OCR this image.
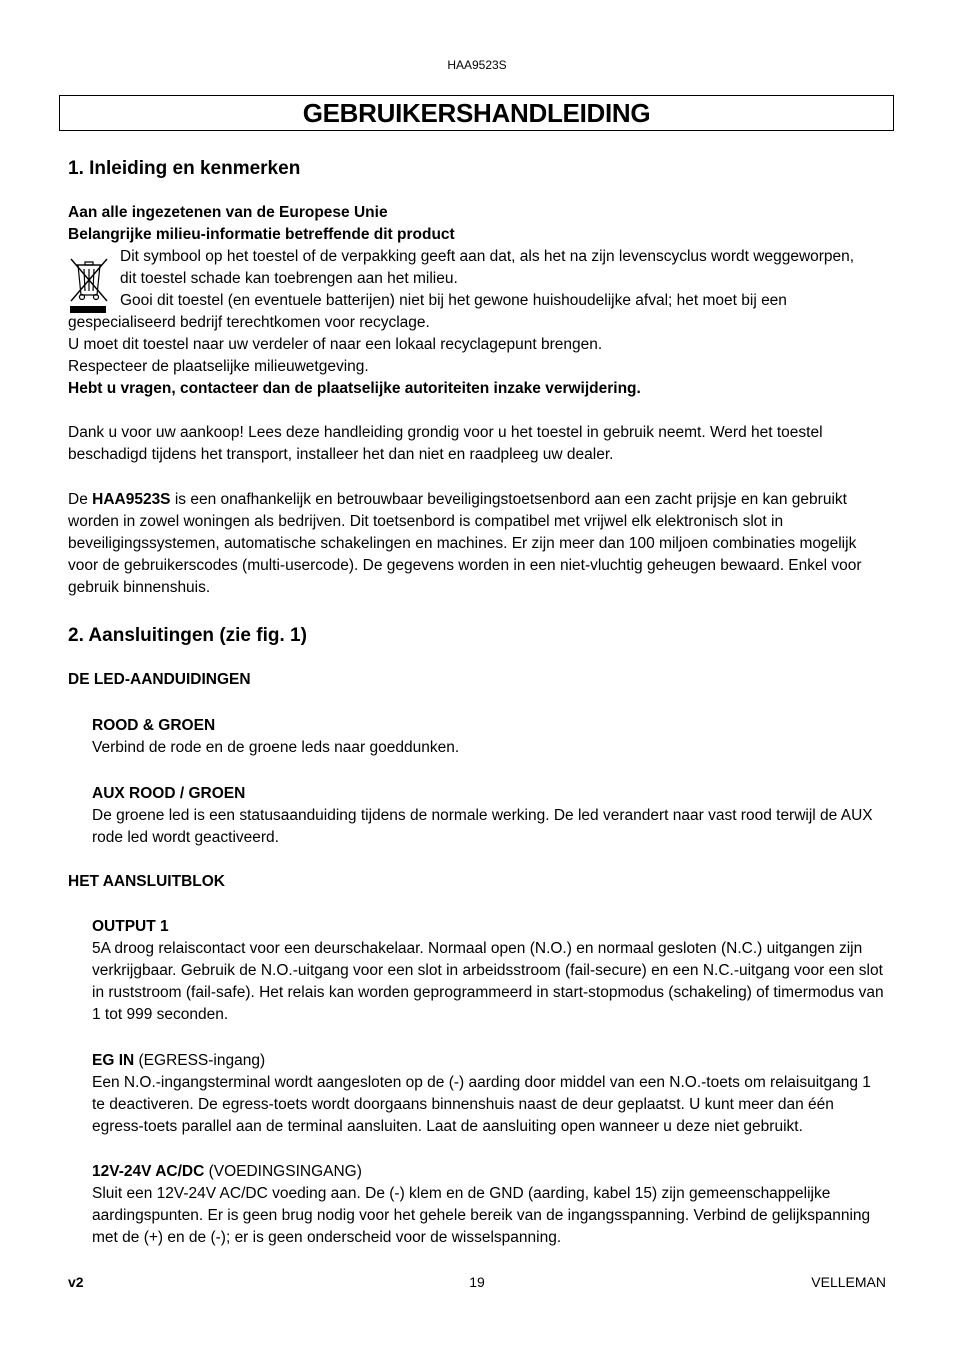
HAA9523S
GEBRUIKERSHANDLEIDING
1. Inleiding en kenmerken
Aan alle ingezetenen van de Europese Unie
Belangrijke milieu-informatie betreffende dit product
Dit symbool op het toestel of de verpakking geeft aan dat, als het na zijn levenscyclus wordt weggeworpen,
dit toestel schade kan toebrengen aan het milieu.
Gooi dit toestel (en eventuele batterijen) niet bij het gewone huishoudelijke afval; het moet bij een
gespecialiseerd bedrijf terechtkomen voor recyclage.
U moet dit toestel naar uw verdeler of naar een lokaal recyclagepunt brengen.
Respecteer de plaatselijke milieuwetgeving.
Hebt u vragen, contacteer dan de plaatselijke autoriteiten inzake verwijdering.

Dank u voor uw aankoop! Lees deze handleiding grondig voor u het toestel in gebruik neemt. Werd het toestel beschadigd tijdens het transport, installeer het dan niet en raadpleeg uw dealer.

De HAA9523S is een onafhankelijk en betrouwbaar beveiligingstoetsenbord aan een zacht prijsje en kan gebruikt worden in zowel woningen als bedrijven. Dit toetsenbord is compatibel met vrijwel elk elektronisch slot in beveiligingssystemen, automatische schakelingen en machines. Er zijn meer dan 100 miljoen combinaties mogelijk voor de gebruikerscodes (multi-usercode). De gegevens worden in een niet-vluchtig geheugen bewaard. Enkel voor gebruik binnenshuis.

2. Aansluitingen (zie fig. 1)
DE LED-AANDUIDINGEN
ROOD & GROEN
Verbind de rode en de groene leds naar goeddunken.
AUX ROOD / GROEN

De groene led is een statusaanduiding tijdens de normale werking. De led verandert naar vast rood terwijl de AUX rode led wordt geactiveerd.

HET AANSLUITBLOK
OUTPUT 1

5A droog relaiscontact voor een deurschakelaar. Normaal open (N.O.) en normaal gesloten (N.C.) uitgangen zijn verkrijgbaar. Gebruik de N.O.-uitgang voor een slot in arbeidsstroom (fail-secure) en een N.C.-uitgang voor een slot in ruststroom (fail-safe). Het relais kan worden geprogrammeerd in start-stopmodus (schakeling) of timermodus van 1 tot 999 seconden.

EG IN (EGRESS-ingang)

Een N.O.-ingangsterminal wordt aangesloten op de (-) aarding door middel van een N.O.-toets om relaisuitgang 1 te deactiveren. De egress-toets wordt doorgaans binnenshuis naast de deur geplaatst. U kunt meer dan één egress-toets parallel aan de terminal aansluiten. Laat de aansluiting open wanneer u deze niet gebruikt.

12V-24V AC/DC (VOEDINGSINGANG)

Sluit een 12V-24V AC/DC voeding aan. De (-) klem en de GND (aarding, kabel 15) zijn gemeenschappelijke aardingspunten. Er is geen brug nodig voor het gehele bereik van de ingangsspanning. Verbind de gelijkspanning met de (+) en de (-); er is geen onderscheid voor de wisselspanning.

v2	19	VELLEMAN
